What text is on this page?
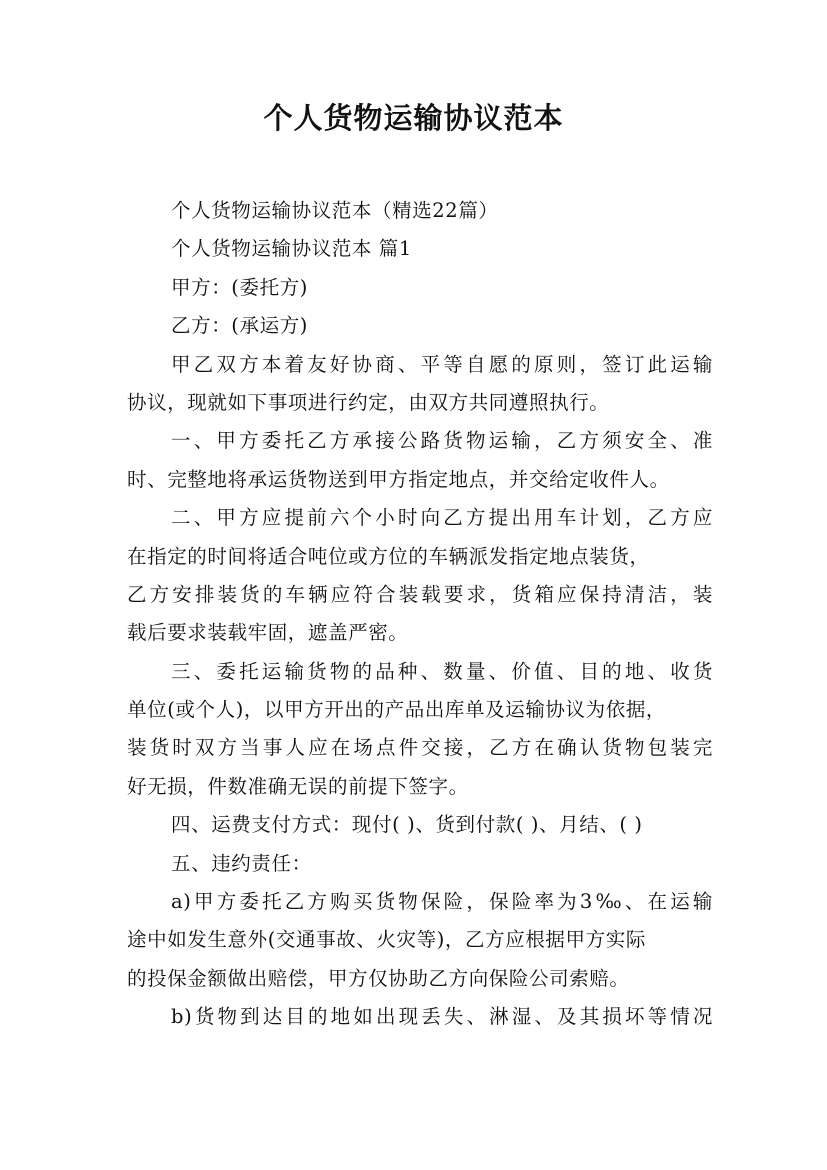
个人货物运输协议范本
个人货物运输协议范本（精选22篇）
个人货物运输协议范本 篇1
甲方：(委托方)
乙方：(承运方)
甲乙双方本着友好协商、平等自愿的原则，签订此运输
协议，现就如下事项进行约定，由双方共同遵照执行。
一、甲方委托乙方承接公路货物运输，乙方须安全、准
时、完整地将承运货物送到甲方指定地点，并交给定收件人。
二、甲方应提前六个小时向乙方提出用车计划，乙方应
在指定的时间将适合吨位或方位的车辆派发指定地点装货，
乙方安排装货的车辆应符合装载要求，货箱应保持清洁，装
载后要求装载牢固，遮盖严密。
三、委托运输货物的品种、数量、价值、目的地、收货
单位(或个人)，以甲方开出的产品出库单及运输协议为依据，
装货时双方当事人应在场点件交接，乙方在确认货物包装完
好无损，件数准确无误的前提下签字。
四、运费支付方式：现付( )、货到付款( )、月结、( )
五、违约责任：
a)甲方委托乙方购买货物保险，保险率为3‰、在运输
途中如发生意外(交通事故、火灾等)，乙方应根据甲方实际
的投保金额做出赔偿，甲方仅协助乙方向保险公司索赔。
b)货物到达目的地如出现丢失、淋湿、及其损坏等情况
